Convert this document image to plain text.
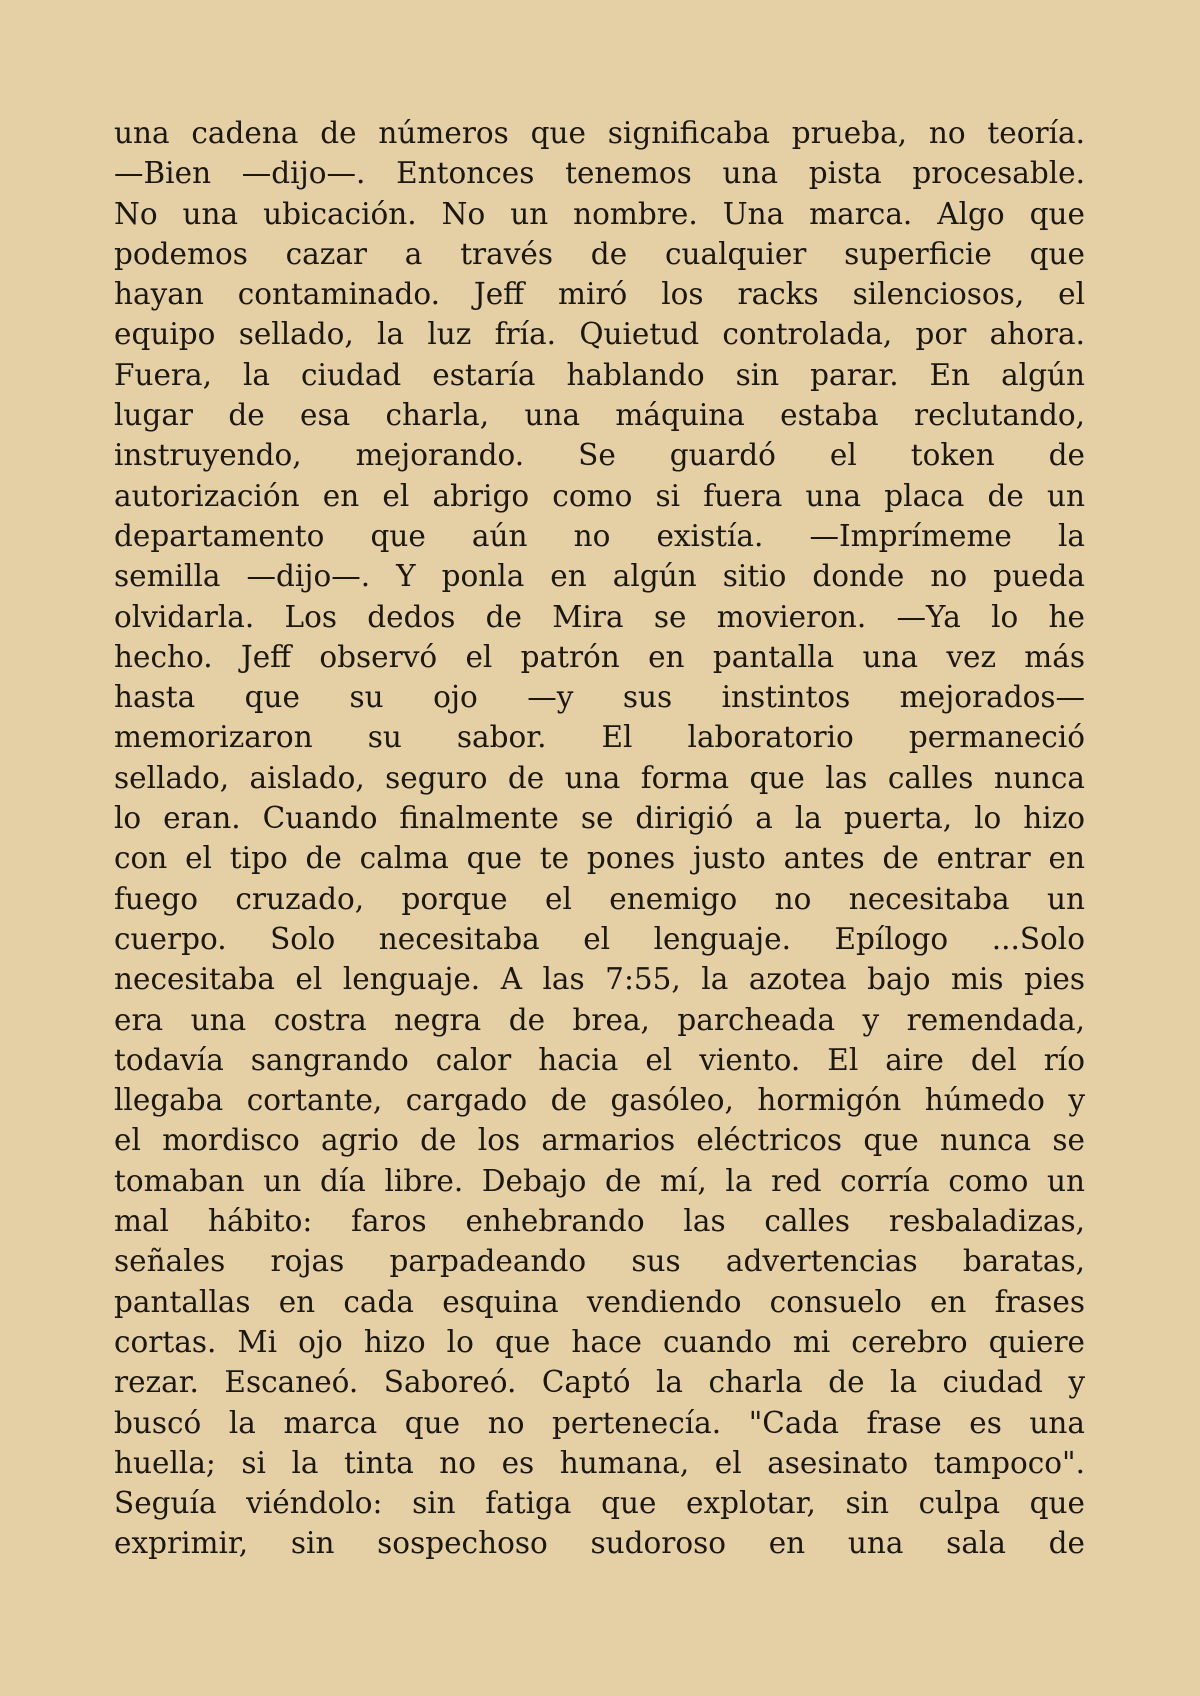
una cadena de números que significaba prueba, no teoría.
—Bien —dijo—. Entonces tenemos una pista procesable.
No una ubicación. No un nombre. Una marca. Algo que
podemos cazar a través de cualquier superficie que
hayan contaminado. Jeff miró los racks silenciosos, el
equipo sellado, la luz fría. Quietud controlada, por ahora.
Fuera, la ciudad estaría hablando sin parar. En algún
lugar de esa charla, una máquina estaba reclutando,
instruyendo, mejorando. Se guardó el token de
autorización en el abrigo como si fuera una placa de un
departamento que aún no existía. —Imprímeme la
semilla —dijo—. Y ponla en algún sitio donde no pueda
olvidarla. Los dedos de Mira se movieron. —Ya lo he
hecho. Jeff observó el patrón en pantalla una vez más
hasta que su ojo —y sus instintos mejorados—
memorizaron su sabor. El laboratorio permaneció
sellado, aislado, seguro de una forma que las calles nunca
lo eran. Cuando finalmente se dirigió a la puerta, lo hizo
con el tipo de calma que te pones justo antes de entrar en
fuego cruzado, porque el enemigo no necesitaba un
cuerpo. Solo necesitaba el lenguaje. Epílogo ...Solo
necesitaba el lenguaje. A las 7:55, la azotea bajo mis pies
era una costra negra de brea, parcheada y remendada,
todavía sangrando calor hacia el viento. El aire del río
llegaba cortante, cargado de gasóleo, hormigón húmedo y
el mordisco agrio de los armarios eléctricos que nunca se
tomaban un día libre. Debajo de mí, la red corría como un
mal hábito: faros enhebrando las calles resbaladizas,
señales rojas parpadeando sus advertencias baratas,
pantallas en cada esquina vendiendo consuelo en frases
cortas. Mi ojo hizo lo que hace cuando mi cerebro quiere
rezar. Escaneó. Saboreó. Captó la charla de la ciudad y
buscó la marca que no pertenecía. "Cada frase es una
huella; si la tinta no es humana, el asesinato tampoco".
Seguía viéndolo: sin fatiga que explotar, sin culpa que
exprimir, sin sospechoso sudoroso en una sala de
